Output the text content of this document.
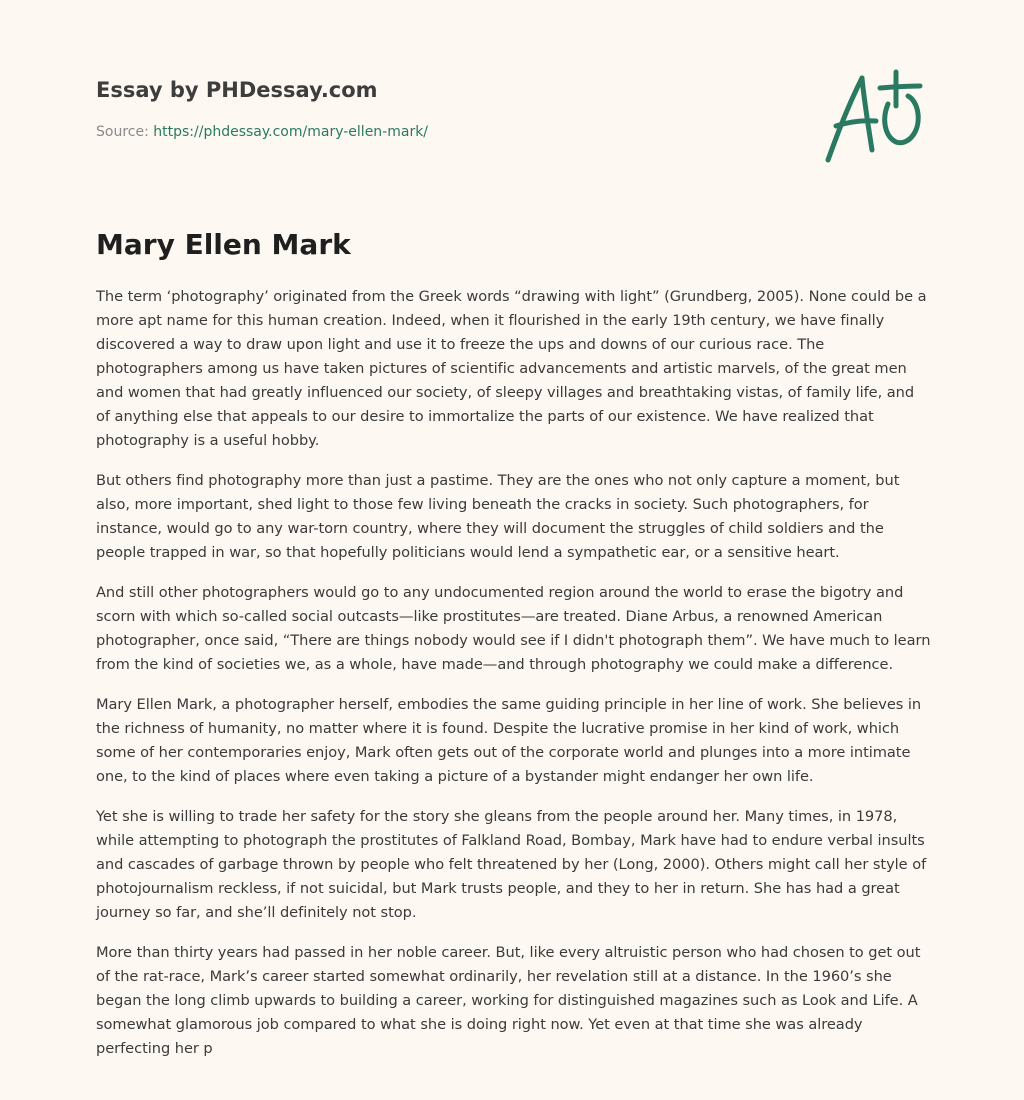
Essay by PHDessay.com
Source: https://phdessay.com/mary-ellen-mark/
Mary Ellen Mark

The term ‘photography’ originated from the Greek words “drawing with light” (Grundberg, 2005). None could be a more apt name for this human creation. Indeed, when it flourished in the early 19th century, we have finally discovered a way to draw upon light and use it to freeze the ups and downs of our curious race. The photographers among us have taken pictures of scientific advancements and artistic marvels, of the great men and women that had greatly influenced our society, of sleepy villages and breathtaking vistas, of family life, and of anything else that appeals to our desire to immortalize the parts of our existence. We have realized that photography is a useful hobby.

But others find photography more than just a pastime. They are the ones who not only capture a moment, but also, more important, shed light to those few living beneath the cracks in society. Such photographers, for instance, would go to any war-torn country, where they will document the struggles of child soldiers and the people trapped in war, so that hopefully politicians would lend a sympathetic ear, or a sensitive heart.

And still other photographers would go to any undocumented region around the world to erase the bigotry and scorn with which so-called social outcasts—like prostitutes—are treated. Diane Arbus, a renowned American photographer, once said, “There are things nobody would see if I didn't photograph them”. We have much to learn from the kind of societies we, as a whole, have made—and through photography we could make a difference.

Mary Ellen Mark, a photographer herself, embodies the same guiding principle in her line of work. She believes in the richness of humanity, no matter where it is found. Despite the lucrative promise in her kind of work, which some of her contemporaries enjoy, Mark often gets out of the corporate world and plunges into a more intimate one, to the kind of places where even taking a picture of a bystander might endanger her own life.

Yet she is willing to trade her safety for the story she gleans from the people around her. Many times, in 1978, while attempting to photograph the prostitutes of Falkland Road, Bombay, Mark have had to endure verbal insults and cascades of garbage thrown by people who felt threatened by her (Long, 2000). Others might call her style of photojournalism reckless, if not suicidal, but Mark trusts people, and they to her in return. She has had a great journey so far, and she’ll definitely not stop.

More than thirty years had passed in her noble career. But, like every altruistic person who had chosen to get out of the rat-race, Mark’s career started somewhat ordinarily, her revelation still at a distance. In the 1960’s she began the long climb upwards to building a career, working for distinguished magazines such as Look and Life. A somewhat glamorous job compared to what she is doing right now. Yet even at that time she was already perfecting her p
